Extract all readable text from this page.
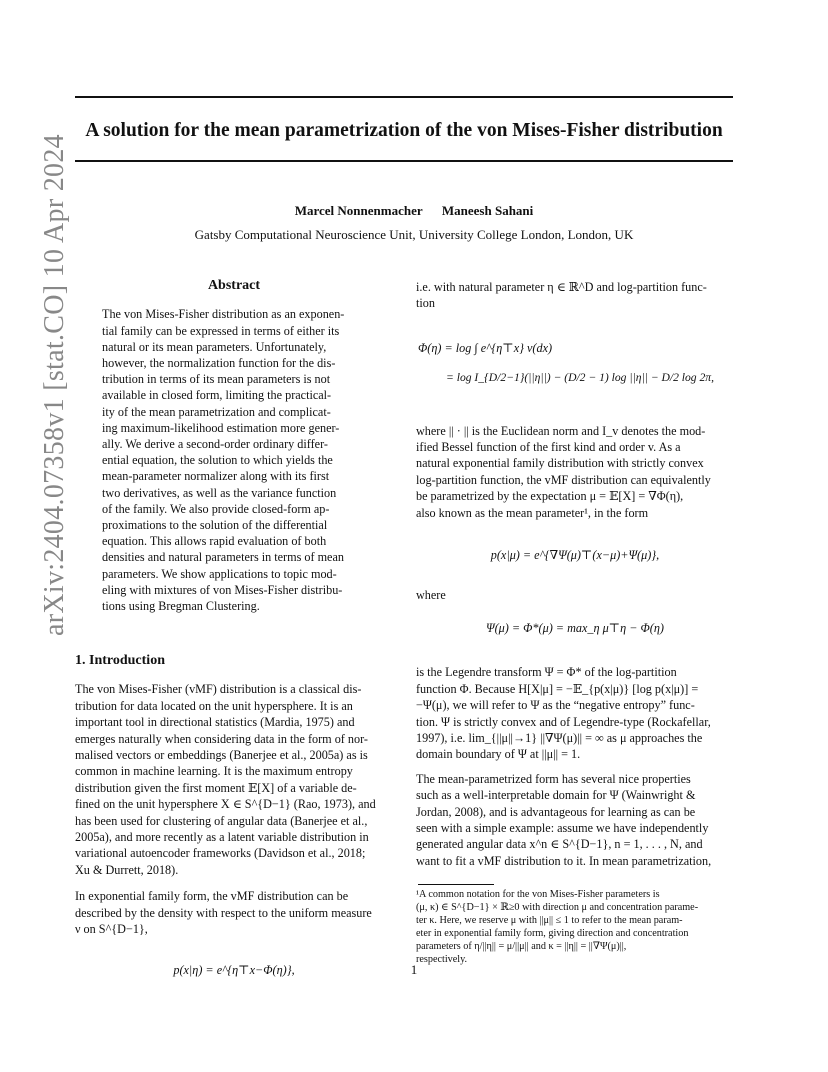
A solution for the mean parametrization of the von Mises-Fisher distribution
Marcel Nonnenmacher Maneesh Sahani
Gatsby Computational Neuroscience Unit, University College London, London, UK
arXiv:2404.07358v1 [stat.CO] 10 Apr 2024	Abstract
The von Mises-Fisher distribution as an exponen-
tial family can be expressed in terms of either its
natural or its mean parameters. Unfortunately,
however, the normalization function for the dis-
tribution in terms of its mean parameters is not
available in closed form, limiting the practical-
ity of the mean parametrization and complicat-
ing maximum-likelihood estimation more gener-
ally. We derive a second-order ordinary differ-
ential equation, the solution to which yields the
mean-parameter normalizer along with its first
two derivatives, as well as the variance function
of the family. We also provide closed-form ap-
proximations to the solution of the differential
equation. This allows rapid evaluation of both
densities and natural parameters in terms of mean
parameters. We show applications to topic mod-
eling with mixtures of von Mises-Fisher distribu-
tions using Bregman Clustering.
1. Introduction
The von Mises-Fisher (vMF) distribution is a classical dis-
tribution for data located on the unit hypersphere. It is an
important tool in directional statistics (Mardia, 1975) and
emerges naturally when considering data in the form of nor-
malised vectors or embeddings (Banerjee et al., 2005a) as is
common in machine learning. It is the maximum entropy
distribution given the first moment 𝔼[X] of a variable de-
fined on the unit hypersphere X ∈ S^{D−1} (Rao, 1973), and
has been used for clustering of angular data (Banerjee et al.,
2005a), and more recently as a latent variable distribution in
variational autoencoder frameworks (Davidson et al., 2018;
Xu & Durrett, 2018).
In exponential family form, the vMF distribution can be
described by the density with respect to the uniform measure
ν on S^{D−1},

p(x|η) = e^{η⊤x−Φ(η)},

i.e. with natural parameter η ∈ ℝ^D and log-partition func-
tion
Φ(η) = log ∫ e^{η⊤x} ν(dx)
= log I_{D/2−1}(||η||) − (D/2 − 1) log ||η|| − D/2 log 2π,
where || · || is the Euclidean norm and I_v denotes the mod-
ified Bessel function of the first kind and order v. As a
natural exponential family distribution with strictly convex
log-partition function, the vMF distribution can equivalently
be parametrized by the expectation μ = 𝔼[X] = ∇Φ(η),
also known as the mean parameter¹, in the form

p(x|μ) = e^{∇Ψ(μ)⊤(x−μ)+Ψ(μ)},

where

Ψ(μ) = Φ*(μ) = max_η μ⊤η − Φ(η)

is the Legendre transform Ψ = Φ* of the log-partition
function Φ. Because H[X|μ] = −𝔼_{p(x|μ)} [log p(x|μ)] =
−Ψ(μ), we will refer to Ψ as the “negative entropy” func-
tion. Ψ is strictly convex and of Legendre-type (Rockafellar,
1997), i.e. lim_{||μ||→1} ||∇Ψ(μ)|| = ∞ as μ approaches the
domain boundary of Ψ at ||μ|| = 1.
The mean-parametrized form has several nice properties
such as a well-interpretable domain for Ψ (Wainwright &
Jordan, 2008), and is advantageous for learning as can be
seen with a simple example: assume we have independently
generated angular data x^n ∈ S^{D−1}, n = 1, . . . , N, and
want to fit a vMF distribution to it. In mean parametrization,
¹A common notation for the von Mises-Fisher parameters is
(μ, κ) ∈ S^{D−1} × ℝ≥0 with direction μ and concentration parame-
ter κ. Here, we reserve μ with ||μ|| ≤ 1 to refer to the mean param-
eter in exponential family form, giving direction and concentration
parameters of η/||η|| = μ/||μ|| and κ = ||η|| = ||∇Ψ(μ)||,
respectively.
1
